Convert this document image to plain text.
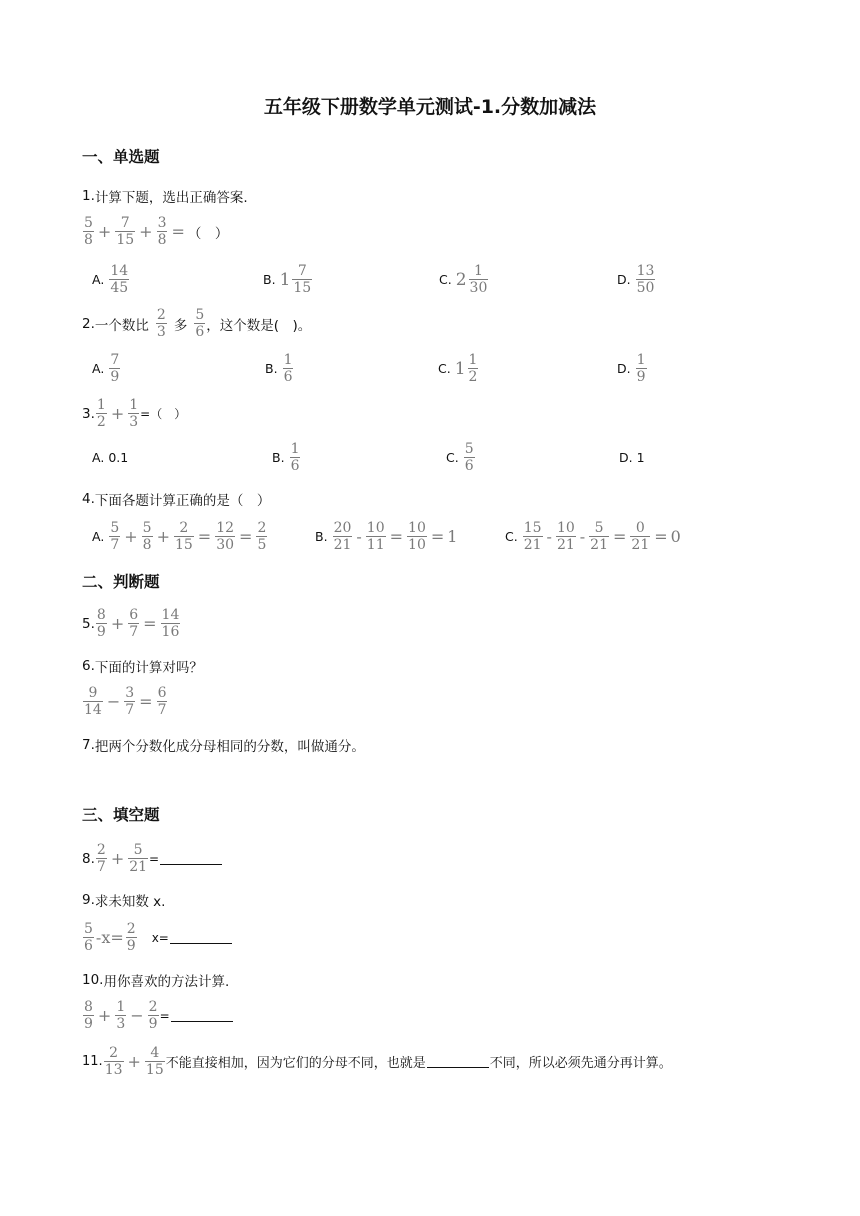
五年级下册数学单元测试-1.分数加减法
一、单选题
1. 计算下题，选出正确答案.
5
$8 + \frac{7}{15} + \frac{3}{8}$ = （　）
A.
14
45
B. 1 7
15
C. 2 1
30
D.
13
50
2. 一个数比
2
3 多
5
6 ，这个数是(　)。
A.
7
9
B.
1
6
C. 1 1
2
D.
1
9
3.
1
$2 + \frac{1}{3}$ =（　）
A. 0.1	B.
1
6
C.
5
6
D. 1
4. 下面各题计算正确的是（　）
A.
5
$7 + \frac{5}{8} + \frac{2}{15} = \frac{12}{30} = \frac{2}{5}$	B.
20
$21 - \frac{10}{11} = \frac{10}{10} = 1$	C.
15
21 - 10
$21 - \frac{5}{21} = \frac{0}{21} = 0$
二、判断题
5.
8
$9 + \frac{6}{7} = \frac{14}{16}$
6. 下面的计算对吗？
9
$14 - \frac{3}{7} = \frac{6}{7}$
7. 把两个分数化成分母相同的分数，叫做通分。
三、填空题
8.
2
$7 + \frac{5}{21}$ =
9. 求未知数 x.
5
6 $-x= \frac{2}{9} x=$
10. 用你喜欢的方法计算.
8
$9 + \frac{1}{3} - \frac{2}{9}$ =
11.
2
$13 + \frac{4}{15}$ 不能直接相加，因为它们的分母不同，也就是	不同，所以必须先通分再计算。
